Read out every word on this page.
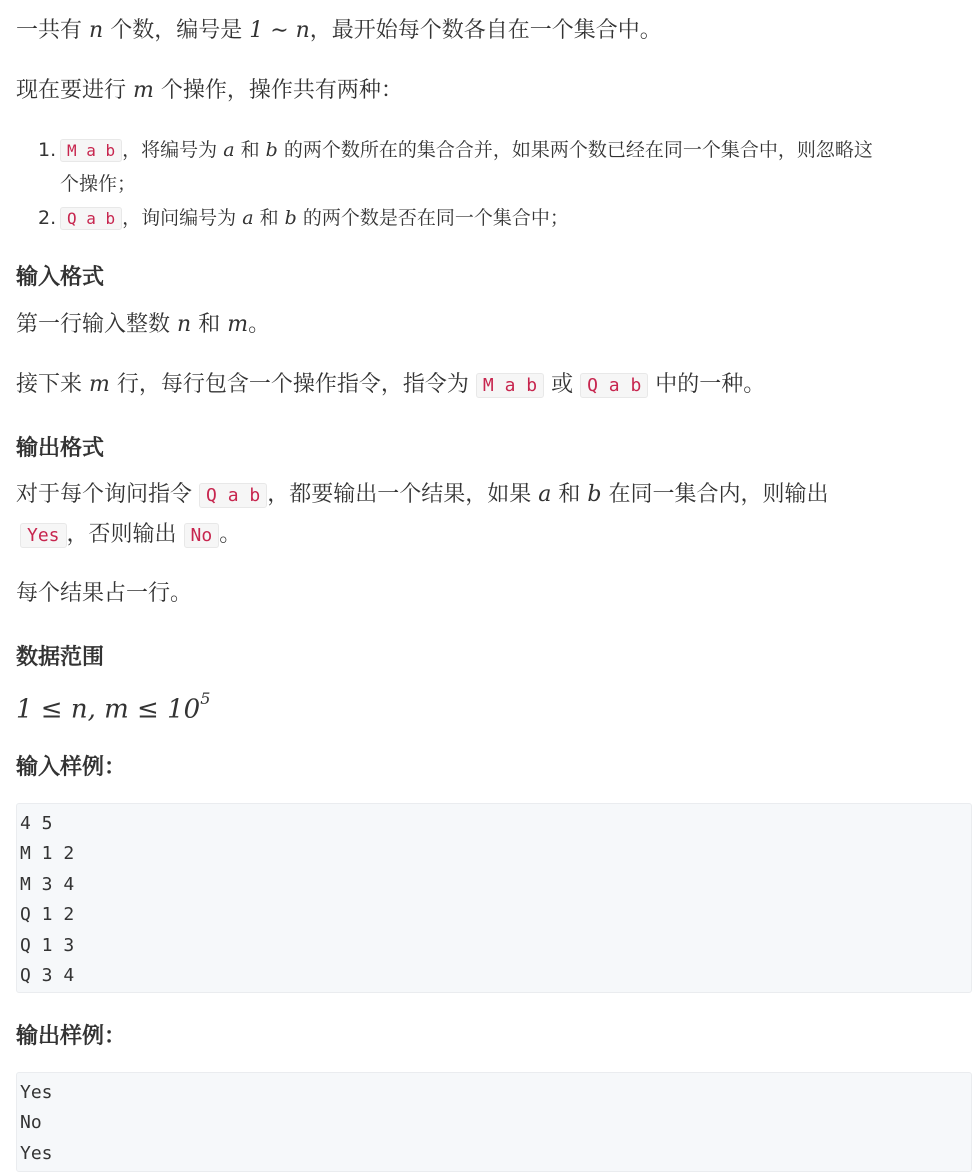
一共有 n 个数，编号是 1 ∼ n，最开始每个数各自在一个集合中。
现在要进行 m 个操作，操作共有两种：
1. M a b ，将编号为 a 和 b 的两个数所在的集合合并，如果两个数已经在同一个集合中，则忽略这
个操作；
2. Q a b ，询问编号为 a 和 b 的两个数是否在同一个集合中；
输入格式
第一行输入整数 n 和 m。
接下来 m 行，每行包含一个操作指令，指令为 M a b 或 Q a b 中的一种。
输出格式
对于每个询问指令 Q a b ，都要输出一个结果，如果 a 和 b 在同一集合内，则输出
Yes ，否则输出 No 。
每个结果占一行。
数据范围
1 ≤ n, $m \le 10^5$
输入样例：
4 5
M 1 2
M 3 4
Q 1 2
Q 1 3
Q 3 4
输出样例：
Yes
No
Yes
